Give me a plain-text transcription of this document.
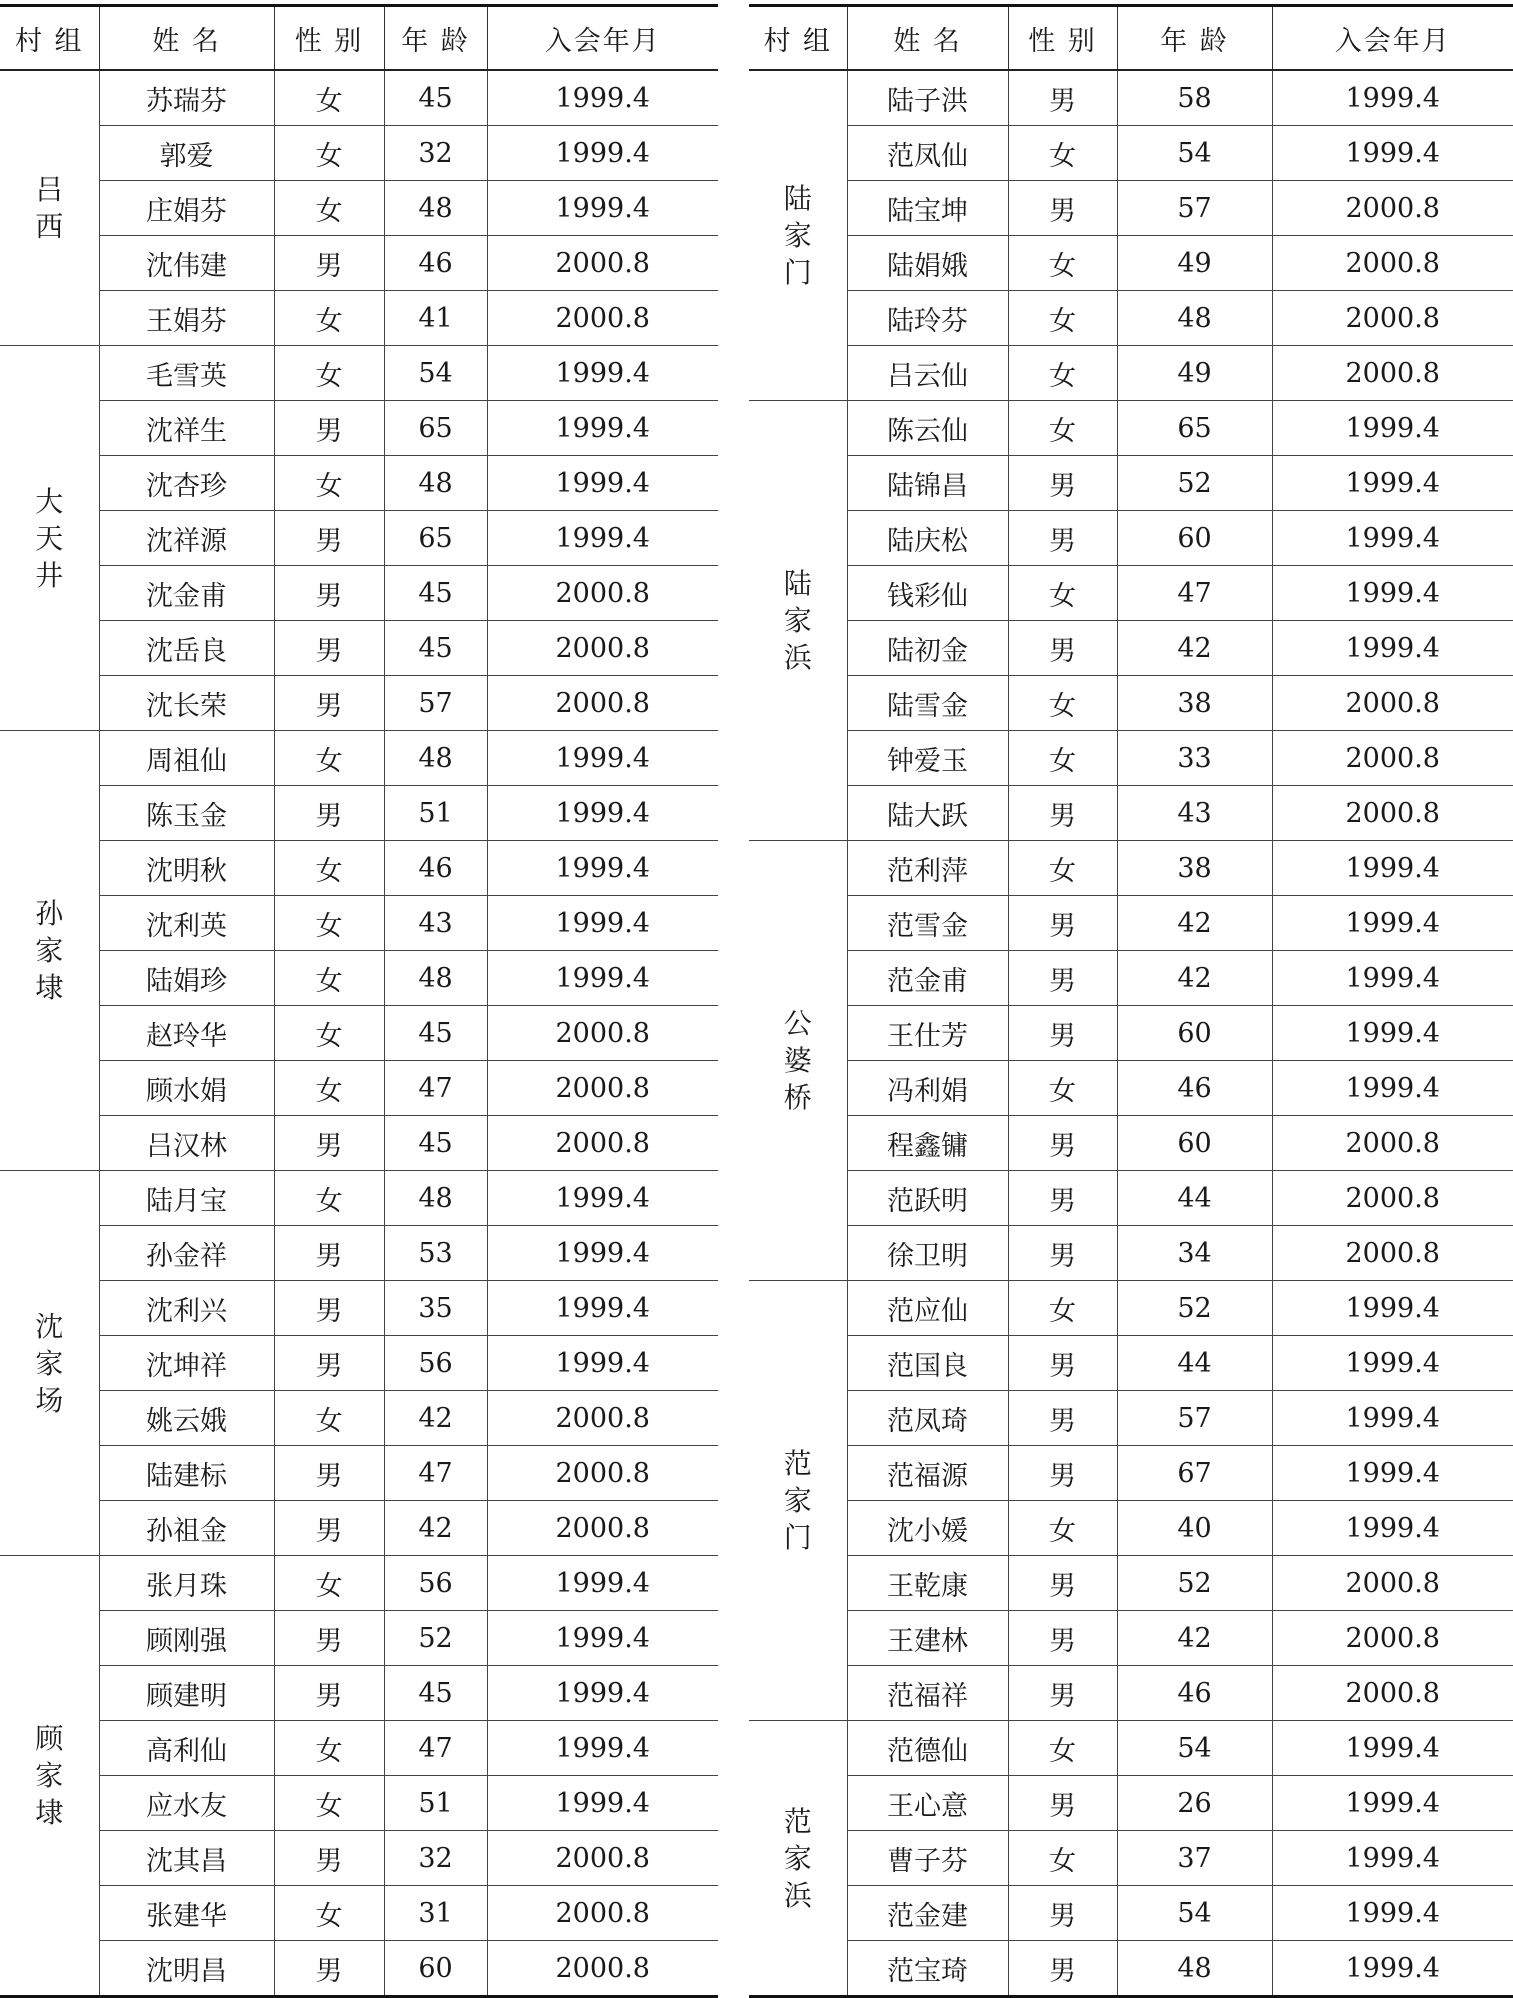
村 组	姓 名	性 别	年 龄	入会年月
吕西	苏瑞芬	女	45	1999.4
	郭爱	女	32	1999.4
	庄娟芬	女	48	1999.4
	沈伟建	男	46	2000.8
	王娟芬	女	41	2000.8
大天井	毛雪英	女	54	1999.4
	沈祥生	男	65	1999.4
	沈杏珍	女	48	1999.4
	沈祥源	男	65	1999.4
	沈金甫	男	45	2000.8
	沈岳良	男	45	2000.8
	沈长荣	男	57	2000.8
孙家埭	周祖仙	女	48	1999.4
	陈玉金	男	51	1999.4
	沈明秋	女	46	1999.4
	沈利英	女	43	1999.4
	陆娟珍	女	48	1999.4
	赵玲华	女	45	2000.8
	顾水娟	女	47	2000.8
	吕汉林	男	45	2000.8
沈家场	陆月宝	女	48	1999.4
	孙金祥	男	53	1999.4
	沈利兴	男	35	1999.4
	沈坤祥	男	56	1999.4
	姚云娥	女	42	2000.8
	陆建标	男	47	2000.8
	孙祖金	男	42	2000.8
顾家埭	张月珠	女	56	1999.4
	顾刚强	男	52	1999.4
	顾建明	男	45	1999.4
	高利仙	女	47	1999.4
	应水友	女	51	1999.4
	沈其昌	男	32	2000.8
	张建华	女	31	2000.8
	沈明昌	男	60	2000.8
村 组	姓 名	性 别	年 龄	入会年月
陆家门	陆子洪	男	58	1999.4
	范凤仙	女	54	1999.4
	陆宝坤	男	57	2000.8
	陆娟娥	女	49	2000.8
	陆玲芬	女	48	2000.8
	吕云仙	女	49	2000.8
陆家浜	陈云仙	女	65	1999.4
	陆锦昌	男	52	1999.4
	陆庆松	男	60	1999.4
	钱彩仙	女	47	1999.4
	陆初金	男	42	1999.4
	陆雪金	女	38	2000.8
	钟爱玉	女	33	2000.8
	陆大跃	男	43	2000.8
公婆桥	范利萍	女	38	1999.4
	范雪金	男	42	1999.4
	范金甫	男	42	1999.4
	王仕芳	男	60	1999.4
	冯利娟	女	46	1999.4
	程鑫镛	男	60	2000.8
	范跃明	男	44	2000.8
	徐卫明	男	34	2000.8
范家门	范应仙	女	52	1999.4
	范国良	男	44	1999.4
	范凤琦	男	57	1999.4
	范福源	男	67	1999.4
	沈小媛	女	40	1999.4
	王乾康	男	52	2000.8
	王建林	男	42	2000.8
	范福祥	男	46	2000.8
范家浜	范德仙	女	54	1999.4
	王心意	男	26	1999.4
	曹子芬	女	37	1999.4
	范金建	男	54	1999.4
	范宝琦	男	48	1999.4
